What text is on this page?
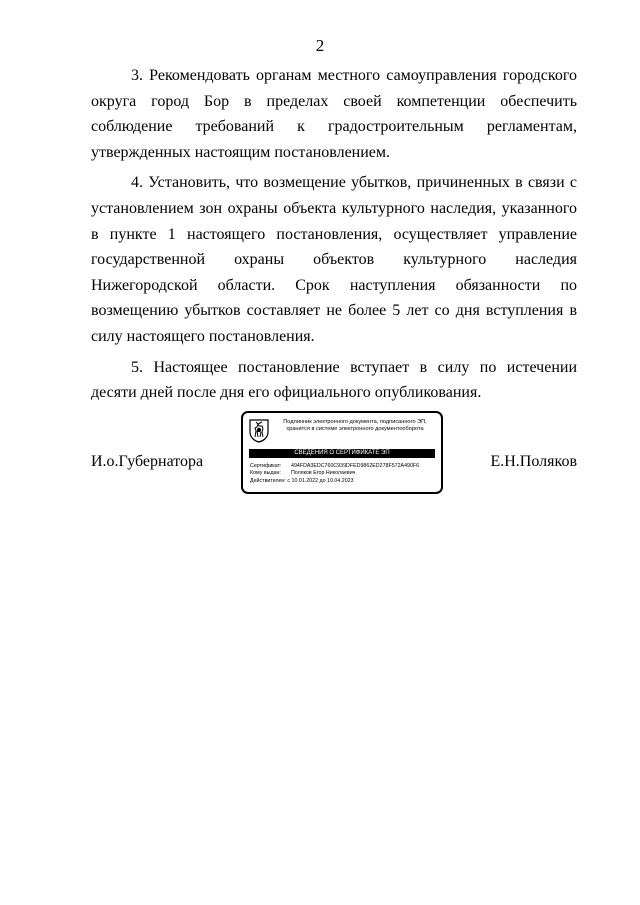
2

3. Рекомендовать органам местного самоуправления городского округа город Бор в пределах своей компетенции обеспечить соблюдение требований к градостроительным регламентам, утвержденных настоящим постановлением.

4. Установить, что возмещение убытков, причиненных в связи с установлением зон охраны объекта культурного наследия, указанного в пункте 1 настоящего постановления, осуществляет управление государственной охраны объектов культурного наследия Нижегородской области. Срок наступления обязанности по возмещению убытков составляет не более 5 лет со дня вступления в силу настоящего постановления.

5. Настоящее постановление вступает в силу по истечении десяти дней после дня его официального опубликования.

И.о.Губернатора	Е.Н.Поляков
Подлинник электронного документа, подписанного ЭП,
хранится в системе электронного документооборота
СВЕДЕНИЯ О СЕРТИФИКАТЕ ЭП
Сертификат: 494FDA3EDC760C939DFED9862ED278F572A490F6
Кому выдан: Поляков Егор Николаевич
Действителен: с 10.01.2022 до 10.04.2023
